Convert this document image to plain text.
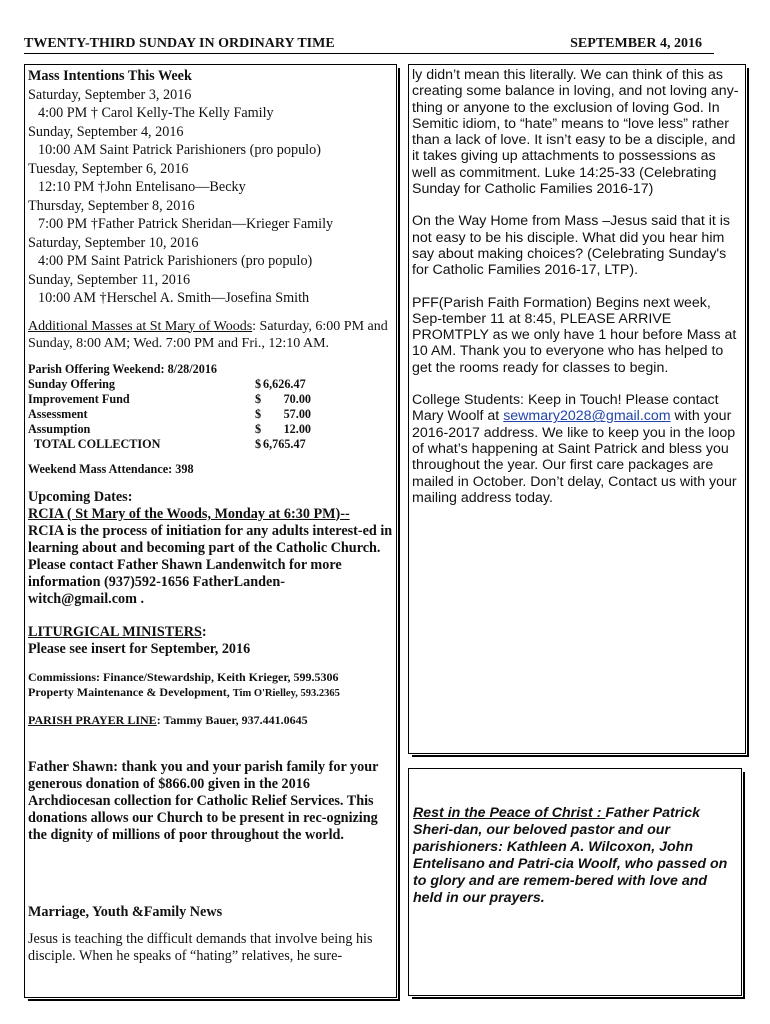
TWENTY-THIRD SUNDAY IN ORDINARY TIME	SEPTEMBER 4, 2016
Mass Intentions This Week
Saturday, September 3, 2016
4:00 PM † Carol Kelly-The Kelly Family
Sunday, September 4, 2016
10:00 AM Saint Patrick Parishioners (pro populo)
Tuesday, September 6, 2016
12:10 PM †John Entelisano—Becky
Thursday, September 8, 2016
7:00 PM †Father Patrick Sheridan—Krieger Family
Saturday, September 10, 2016
4:00 PM Saint Patrick Parishioners (pro populo)
Sunday, September 11, 2016
10:00 AM †Herschel A. Smith—Josefina Smith
Additional Masses at St Mary of Woods: Saturday, 6:00 PM and Sunday, 8:00 AM; Wed. 7:00 PM and Fri., 12:10 AM.
Parish Offering Weekend: 8/28/2016
Sunday Offering	$ 6,626.47
Improvement Fund	$	70.00
Assessment	$	57.00
Assumption	$	12.00
TOTAL COLLECTION	$ 6,765.47
Weekend Mass Attendance: 398
Upcoming Dates:
RCIA ( St Mary of the Woods, Monday at 6:30 PM)--
RCIA is the process of initiation for any adults interest-ed in learning about and becoming part of the Catholic Church. Please contact Father Shawn Landenwitch for more information (937)592-1656 FatherLanden-witch@gmail.com .
LITURGICAL MINISTERS:
Please see insert for September, 2016
Commissions: Finance/Stewardship, Keith Krieger, 599.5306
Property Maintenance & Development, Tim O'Rielley, 593.2365
PARISH PRAYER LINE: Tammy Bauer, 937.441.0645
Father Shawn: thank you and your parish family for your generous donation of $866.00 given in the 2016 Archdiocesan collection for Catholic Relief Services. This donations allows our Church to be present in rec-ognizing the dignity of millions of poor throughout the world.
Marriage, Youth &Family News
Jesus is teaching the difficult demands that involve being his disciple. When he speaks of “hating” relatives, he sure-

ly didn’t mean this literally. We can think of this as creating some balance in loving, and not loving any-thing or anyone to the exclusion of loving God. In Semitic idiom, to “hate” means to “love less” rather than a lack of love. It isn’t easy to be a disciple, and it takes giving up attachments to possessions as well as commitment. Luke 14:25-33 (Celebrating Sunday for Catholic Families 2016-17)

On the Way Home from Mass –Jesus said that it is not easy to be his disciple. What did you hear him say about making choices? (Celebrating Sunday's for Catholic Families 2016-17, LTP).

PFF(Parish Faith Formation) Begins next week, Sep-tember 11 at 8:45, PLEASE ARRIVE PROMTPLY as we only have 1 hour before Mass at 10 AM. Thank you to everyone who has helped to get the rooms ready for classes to begin.

College Students: Keep in Touch! Please contact Mary Woolf at sewmary2028@gmail.com with your 2016-2017 address. We like to keep you in the loop of what’s happening at Saint Patrick and bless you throughout the year. Our first care packages are mailed in October. Don’t delay, Contact us with your mailing address today.

Rest in the Peace of Christ : Father Patrick Sheri-dan, our beloved pastor and our parishioners: Kathleen A. Wilcoxon, John Entelisano and Patri-cia Woolf, who passed on to glory and are remem-bered with love and held in our prayers.
